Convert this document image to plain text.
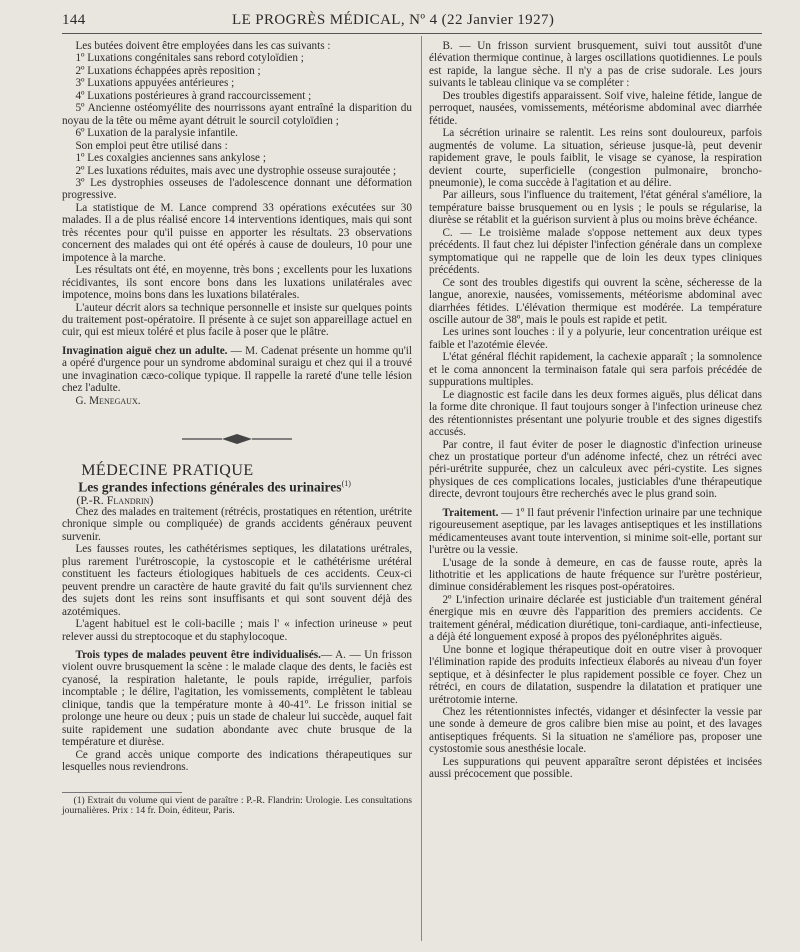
144	LE PROGRÈS MÉDICAL, Nº 4 (22 Janvier 1927)

Les butées doivent être employées dans les cas suivants :

1º Luxations congénitales sans rebord cotyloïdien ;

2º Luxations échappées après reposition ;

3º Luxations appuyées antérieures ;

4º Luxations postérieures à grand raccourcissement ;

5º Ancienne ostéomyélite des nourrissons ayant entraîné la disparition du noyau de la tête ou même ayant détruit le sourcil cotyloïdien ;

6º Luxation de la paralysie infantile.

Son emploi peut être utilisé dans :

1º Les coxalgies anciennes sans ankylose ;

2º Les luxations réduites, mais avec une dystrophie osseuse surajoutée ;

3º Les dystrophies osseuses de l'adolescence donnant une déformation progressive.

La statistique de M. Lance comprend 33 opérations exécutées sur 30 malades. Il a de plus réalisé encore 14 interventions identiques, mais qui sont très récentes pour qu'il puisse en apporter les résultats. 23 observations concernent des malades qui ont été opérés à cause de douleurs, 10 pour une impotence à la marche.

Les résultats ont été, en moyenne, très bons ; excellents pour les luxations récidivantes, ils sont encore bons dans les luxations unilatérales avec impotence, moins bons dans les luxations bilatérales.

L'auteur décrit alors sa technique personnelle et insiste sur quelques points du traitement post-opératoire. Il présente à ce sujet son appareillage actuel en cuir, qui est mieux toléré et plus facile à poser que le plâtre.

Invagination aiguë chez un adulte. — M. Cadenat présente un homme qu'il a opéré d'urgence pour un syndrome abdominal suraigu et chez qui il a trouvé une invagination cæco-colique typique. Il rappelle la rareté d'une telle lésion chez l'adulte.

G. Menegaux.

MÉDECINE PRATIQUE

Les grandes infections générales des urinaires$^{(1)}$

(P.-R. Flandrin)

Chez des malades en traitement (rétrécis, prostatiques en rétention, urétrite chronique simple ou compliquée) de grands accidents généraux peuvent survenir.

Les fausses routes, les cathétérismes septiques, les dilatations urétrales, plus rarement l'urétroscopie, la cystoscopie et le cathétérisme urétéral constituent les facteurs étiologiques habituels de ces accidents. Ceux-ci peuvent prendre un caractère de haute gravité du fait qu'ils surviennent chez des sujets dont les reins sont insuffisants et qui sont souvent déjà des azotémiques.

L'agent habituel est le coli-bacille ; mais l' « infection urineuse » peut relever aussi du streptocoque et du staphylocoque.

Trois types de malades peuvent être individualisés.— A. — Un frisson violent ouvre brusquement la scène : le malade claque des dents, le faciès est cyanosé, la respiration haletante, le pouls rapide, irrégulier, parfois incomptable ; le délire, l'agitation, les vomissements, complètent le tableau clinique, tandis que la température monte à 40-41º. Le frisson initial se prolonge une heure ou deux ; puis un stade de chaleur lui succède, auquel fait suite rapidement une sudation abondante avec chute brusque de la température et diurèse.

Ce grand accès unique comporte des indications thérapeutiques sur lesquelles nous reviendrons.

(1) Extrait du volume qui vient de paraître : P.-R. Flandrin: Urologie. Les consultations journalières. Prix : 14 fr. Doin, éditeur, Paris.

B. — Un frisson survient brusquement, suivi tout aussitôt d'une élévation thermique continue, à larges oscillations quotidiennes. Le pouls est rapide, la langue sèche. Il n'y a pas de crise sudorale. Les jours suivants le tableau clinique va se compléter :

Des troubles digestifs apparaissent. Soif vive, haleine fétide, langue de perroquet, nausées, vomissements, météorisme abdominal avec diarrhée fétide.

La sécrétion urinaire se ralentit. Les reins sont douloureux, parfois augmentés de volume. La situation, sérieuse jusque-là, peut devenir rapidement grave, le pouls faiblit, le visage se cyanose, la respiration devient courte, superficielle (congestion pulmonaire, broncho-pneumonie), le coma succède à l'agitation et au délire.

Par ailleurs, sous l'influence du traitement, l'état général s'améliore, la température baisse brusquement ou en lysis ; le pouls se régularise, la diurèse se rétablit et la guérison survient à plus ou moins brève échéance.

C. — Le troisième malade s'oppose nettement aux deux types précédents. Il faut chez lui dépister l'infection générale dans un complexe symptomatique qui ne rappelle que de loin les deux types cliniques précédents.

Ce sont des troubles digestifs qui ouvrent la scène, sécheresse de la langue, anorexie, nausées, vomissements, météorisme abdominal avec diarrhées fétides. L'élévation thermique est modérée. La température oscille autour de 38º, mais le pouls est rapide et petit.

Les urines sont louches : il y a polyurie, leur concentration uréique est faible et l'azotémie élevée.

L'état général fléchit rapidement, la cachexie apparaît ; la somnolence et le coma annoncent la terminaison fatale qui sera parfois précédée de suppurations multiples.

Le diagnostic est facile dans les deux formes aiguës, plus délicat dans la forme dite chronique. Il faut toujours songer à l'infection urineuse chez des rétentionnistes présentant une polyurie trouble et des signes digestifs accusés.

Par contre, il faut éviter de poser le diagnostic d'infection urineuse chez un prostatique porteur d'un adénome infecté, chez un rétréci avec péri-urétrite suppurée, chez un calculeux avec péri-cystite. Les signes physiques de ces complications locales, justiciables d'une thérapeutique directe, devront toujours être recherchés avec le plus grand soin.

Traitement. — 1º Il faut prévenir l'infection urinaire par une technique rigoureusement aseptique, par les lavages antiseptiques et les instillations médicamenteuses avant toute intervention, si minime soit-elle, portant sur l'urètre ou la vessie.

L'usage de la sonde à demeure, en cas de fausse route, après la lithotritie et les applications de haute fréquence sur l'urètre postérieur, diminue considérablement les risques post-opératoires.

2º L'infection urinaire déclarée est justiciable d'un traitement général énergique mis en œuvre dès l'apparition des premiers accidents. Ce traitement général, médication diurétique, toni-cardiaque, anti-infectieuse, a déjà été longuement exposé à propos des pyélonéphrites aiguës.

Une bonne et logique thérapeutique doit en outre viser à provoquer l'élimination rapide des produits infectieux élaborés au niveau d'un foyer septique, et à désinfecter le plus rapidement possible ce foyer. Chez un rétréci, en cours de dilatation, suspendre la dilatation et pratiquer une urétrotomie interne.

Chez les rétentionnistes infectés, vidanger et désinfecter la vessie par une sonde à demeure de gros calibre bien mise au point, et des lavages antiseptiques fréquents. Si la situation ne s'améliore pas, proposer une cystostomie sous anesthésie locale.

Les suppurations qui peuvent apparaître seront dépistées et incisées aussi précocement que possible.
